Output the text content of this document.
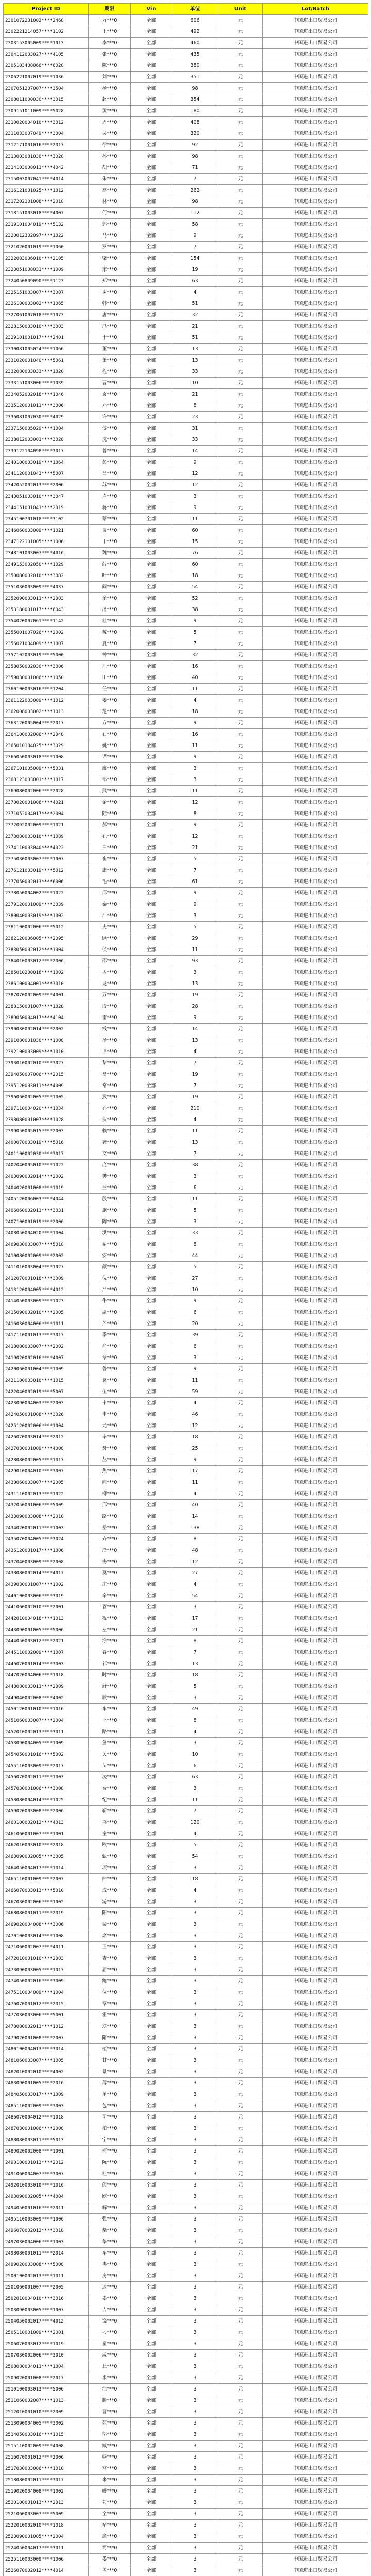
Project ID	期限	Vin	单位	Unit	Lot/Batch
2301072231002****2468	万***0	全部	606	元	中国进出口贸易公司
2302221214057****1102	王***0	全部	492	元	中国进出口贸易公司
2303153005009****1013	李***0	全部	460	元	中国进出口贸易公司
2304112003027****4105	张***0	全部	435	元	中国进出口贸易公司
2305103408066****6028	陈***0	全部	380	元	中国进出口贸易公司
2306221007019****1036	刘***0	全部	351	元	中国进出口贸易公司
2307051207007****3504	杨***0	全部	98	元	中国进出口贸易公司
2308011000030****3015	赵***0	全部	354	元	中国进出口贸易公司
2309151011009****5028	黄***0	全部	180	元	中国进出口贸易公司
2310020004010****3012	周***0	全部	408	元	中国进出口贸易公司
2311033007049****3004	吴***0	全部	320	元	中国进出口贸易公司
2312171001016****2017	徐***0	全部	92	元	中国进出口贸易公司
2313003081030****3028	孙***0	全部	98	元	中国进出口贸易公司
2314103008011****4042	胡***0	全部	71	元	中国进出口贸易公司
2315003007041****4014	朱***0	全部	7	元	中国进出口贸易公司
2316121001025****1012	高***0	全部	262	元	中国进出口贸易公司
2317202101008****2018	林***0	全部	98	元	中国进出口贸易公司
2318151003018****4007	何***0	全部	112	元	中国进出口贸易公司
2319101004019****5132	郭***0	全部	58	元	中国进出口贸易公司
2320012302097****1022	马***0	全部	9	元	中国进出口贸易公司
2321020001019****1060	罗***0	全部	7	元	中国进出口贸易公司
2322083006010****2105	梁***0	全部	154	元	中国进出口贸易公司
2323051008031****1009	宋***0	全部	19	元	中国进出口贸易公司
2324050809090****1123	郑***0	全部	63	元	中国进出口贸易公司
2325151003007****3007	谢***0	全部	4	元	中国进出口贸易公司
2326100003002****1065	韩***0	全部	51	元	中国进出口贸易公司
2327061007018****1073	唐***0	全部	32	元	中国进出口贸易公司
2328150003010****3003	冯***0	全部	21	元	中国进出口贸易公司
2329101001017****2401	于***0	全部	51	元	中国进出口贸易公司
2330081005024****1066	董***0	全部	13	元	中国进出口贸易公司
2331020001040****5061	萧***0	全部	13	元	中国进出口贸易公司
2332080003033****1020	程***0	全部	33	元	中国进出口贸易公司
2333151003006****1039	曹***0	全部	10	元	中国进出口贸易公司
2334052002018****1046	袁***0	全部	21	元	中国进出口贸易公司
2335120001011****3006	邓***0	全部	8	元	中国进出口贸易公司
2336081007030****4029	许***0	全部	23	元	中国进出口贸易公司
2337150005029****1004	傅***0	全部	31	元	中国进出口贸易公司
2338012003001****3028	沈***0	全部	33	元	中国进出口贸易公司
2339122104098****3017	曾***0	全部	14	元	中国进出口贸易公司
2340100003019****1064	彭***0	全部	9	元	中国进出口贸易公司
2341120001043****5007	吕***0	全部	12	元	中国进出口贸易公司
2342052002013****2006	苏***0	全部	12	元	中国进出口贸易公司
2343051003010****3047	卢***0	全部	3	元	中国进出口贸易公司
2344151001041****2019	蒋***0	全部	9	元	中国进出口贸易公司
2345100701018****3102	蔡***0	全部	11	元	中国进出口贸易公司
2346060003009****1021	贾***0	全部	60	元	中国进出口贸易公司
2347122101005****1006	丁***0	全部	15	元	中国进出口贸易公司
2348101003007****4016	魏***0	全部	76	元	中国进出口贸易公司
2349153002050****1029	薛***0	全部	60	元	中国进出口贸易公司
2350080002010****3082	叶***0	全部	18	元	中国进出口贸易公司
2351030003009****4037	阎***0	全部	54	元	中国进出口贸易公司
2352090003011****2003	余***0	全部	52	元	中国进出口贸易公司
2353180001017****6043	潘***0	全部	38	元	中国进出口贸易公司
2354020007061****1142	杜***0	全部	9	元	中国进出口贸易公司
2355001007026****2002	戴***0	全部	5	元	中国进出口贸易公司
2356021004009****1007	夏***0	全部	7	元	中国进出口贸易公司
2357102003019****5000	钟***0	全部	32	元	中国进出口贸易公司
2358050002030****3006	汪***0	全部	16	元	中国进出口贸易公司
2359030001006****1050	田***0	全部	40	元	中国进出口贸易公司
2360100003016****1204	任***0	全部	11	元	中国进出口贸易公司
2361122003009****1012	姜***0	全部	4	元	中国进出口贸易公司
2362008003002****1013	范***0	全部	18	元	中国进出口贸易公司
2363120005004****2017	方***0	全部	9	元	中国进出口贸易公司
2364100002006****2048	石***0	全部	16	元	中国进出口贸易公司
2365010104025****3029	姚***0	全部	11	元	中国进出口贸易公司
2366050003018****1008	谭***0	全部	9	元	中国进出口贸易公司
2367101005009****5031	廖***0	全部	3	元	中国进出口贸易公司
2368123003001****1017	邹***0	全部	3	元	中国进出口贸易公司
2369080002006****2028	熊***0	全部	11	元	中国进出口贸易公司
2370020001008****4021	金***0	全部	12	元	中国进出口贸易公司
2371052004017****2004	陆***0	全部	8	元	中国进出口贸易公司
2372092002009****1021	郝***0	全部	9	元	中国进出口贸易公司
2373080003010****1089	孔***0	全部	12	元	中国进出口贸易公司
2374110003040****4022	白***0	全部	21	元	中国进出口贸易公司
2375030003007****1007	崔***0	全部	5	元	中国进出口贸易公司
2376121003019****5012	康***0	全部	7	元	中国进出口贸易公司
2377050002013****6006	毛***0	全部	61	元	中国进出口贸易公司
2378050004002****1022	邱***0	全部	9	元	中国进出口贸易公司
2379120001009****3039	秦***0	全部	9	元	中国进出口贸易公司
2380040003019****1002	江***0	全部	3	元	中国进出口贸易公司
2381100002006****5012	史***0	全部	5	元	中国进出口贸易公司
2382120006005****2095	顾***0	全部	29	元	中国进出口贸易公司
2383050002012****1004	侯***0	全部	11	元	中国进出口贸易公司
2384010003012****2006	邵***0	全部	93	元	中国进出口贸易公司
2385010200018****1002	孟***0	全部	3	元	中国进出口贸易公司
2386100004001****3010	龙***0	全部	13	元	中国进出口贸易公司
2387070002009****4001	万***0	全部	19	元	中国进出口贸易公司
2388150001007****1028	段***0	全部	28	元	中国进出口贸易公司
2389050004017****4104	雷***0	全部	9	元	中国进出口贸易公司
2390030002014****2002	钱***0	全部	14	元	中国进出口贸易公司
2391080001030****1008	汤***0	全部	13	元	中国进出口贸易公司
2392100003009****1010	尹***0	全部	4	元	中国进出口贸易公司
2393010002010****3027	黎***0	全部	7	元	中国进出口贸易公司
2394050007006****2015	易***0	全部	19	元	中国进出口贸易公司
2395120003011****4009	常***0	全部	7	元	中国进出口贸易公司
2396060002005****1005	武***0	全部	19	元	中国进出口贸易公司
2397110004020****1034	乔***0	全部	210	元	中国进出口贸易公司
2398080001007****1028	贺***0	全部	4	元	中国进出口贸易公司
2399050005015****2003	赖***0	全部	11	元	中国进出口贸易公司
2400070003019****5016	龚***0	全部	13	元	中国进出口贸易公司
2401100002030****3017	文***0	全部	7	元	中国进出口贸易公司
2402040005010****1022	庞***0	全部	38	元	中国进出口贸易公司
2403090002014****2002	樊***0	全部	3	元	中国进出口贸易公司
2404020001008****1019	兰***0	全部	6	元	中国进出口贸易公司
2405120006003****4044	殷***0	全部	11	元	中国进出口贸易公司
2406060002011****3031	施***0	全部	5	元	中国进出口贸易公司
2407100001019****2006	陶***0	全部	3	元	中国进出口贸易公司
2408050004020****1004	洪***0	全部	33	元	中国进出口贸易公司
2409030003007****5018	翟***0	全部	8	元	中国进出口贸易公司
2410080002009****2002	安***0	全部	44	元	中国进出口贸易公司
2411010003004****1027	颜***0	全部	5	元	中国进出口贸易公司
2412070001018****3009	倪***0	全部	27	元	中国进出口贸易公司
2413120004005****4012	严***0	全部	10	元	中国进出口贸易公司
2414050003009****1023	牛***0	全部	9	元	中国进出口贸易公司
2415090002010****2005	温***0	全部	6	元	中国进出口贸易公司
2416030004006****1011	芦***0	全部	20	元	中国进出口贸易公司
2417110001013****3017	季***0	全部	39	元	中国进出口贸易公司
2418080003007****2002	俞***0	全部	6	元	中国进出口贸易公司
2419020002016****4007	章***0	全部	3	元	中国进出口贸易公司
2420060001004****1009	鲁***0	全部	9	元	中国进出口贸易公司
2421100003010****1015	葛***0	全部	11	元	中国进出口贸易公司
2422040002019****5007	伍***0	全部	59	元	中国进出口贸易公司
2423090004003****2003	韦***0	全部	4	元	中国进出口贸易公司
2424050001008****3026	申***0	全部	46	元	中国进出口贸易公司
2425120002006****1004	尤***0	全部	12	元	中国进出口贸易公司
2426070003014****2012	毕***0	全部	18	元	中国进出口贸易公司
2427030001009****4008	聂***0	全部	25	元	中国进出口贸易公司
2428080002005****1017	丛***0	全部	9	元	中国进出口贸易公司
2429010004010****3007	焦***0	全部	17	元	中国进出口贸易公司
2430060003007****2005	向***0	全部	11	元	中国进出口贸易公司
2431110002013****1022	柳***0	全部	4	元	中国进出口贸易公司
2432050001006****5009	邢***0	全部	40	元	中国进出口贸易公司
2433090003008****2010	路***0	全部	14	元	中国进出口贸易公司
2434020002011****1003	岳***0	全部	138	元	中国进出口贸易公司
2435070004005****3024	齐***0	全部	8	元	中国进出口贸易公司
2436120001017****1006	沿***0	全部	48	元	中国进出口贸易公司
2437040003009****2008	梅***0	全部	12	元	中国进出口贸易公司
2438080002014****4017	莫***0	全部	27	元	中国进出口贸易公司
2439030001007****1002	庄***0	全部	4	元	中国进出口贸易公司
2440100003006****3019	辛***0	全部	54	元	中国进出口贸易公司
2441060002010****2001	管***0	全部	3	元	中国进出口贸易公司
2442010004018****1013	祝***0	全部	17	元	中国进出口贸易公司
2443090001005****5006	左***0	全部	21	元	中国进出口贸易公司
2444050003012****2021	涂***0	全部	8	元	中国进出口贸易公司
2445110002009****1007	谷***0	全部	7	元	中国进出口贸易公司
2446070001014****3003	祁***0	全部	13	元	中国进出口贸易公司
2447020004006****1018	时***0	全部	18	元	中国进出口贸易公司
2448080003011****2009	舒***0	全部	5	元	中国进出口贸易公司
2449040002008****4002	耿***0	全部	3	元	中国进出口贸易公司
2450120001010****1016	牟***0	全部	49	元	中国进出口贸易公司
2451060003007****2004	卜***0	全部	8	元	中国进出口贸易公司
2452010002013****3011	路***0	全部	4	元	中国进出口贸易公司
2453090004005****1009	詹***0	全部	3	元	中国进出口贸易公司
2454050001016****5002	关***0	全部	10	元	中国进出口贸易公司
2455110003009****2017	苗***0	全部	6	元	中国进出口贸易公司
2456070002011****1003	凌***0	全部	63	元	中国进出口贸易公司
2457030001006****3008	费***0	全部	3	元	中国进出口贸易公司
2458080004014****1025	纪***0	全部	11	元	中国进出口贸易公司
2459020003008****2006	靳***0	全部	7	元	中国进出口贸易公司
2460100002012****4013	盛***0	全部	120	元	中国进出口贸易公司
2461060001007****1001	童***0	全部	4	元	中国进出口贸易公司
2462010003010****2018	欧***0	全部	5	元	中国进出口贸易公司
2463090002005****3005	甄***0	全部	54	元	中国进出口贸易公司
2464050004017****1014	项***0	全部	3	元	中国进出口贸易公司
2465110001009****2007	曲***0	全部	18	元	中国进出口贸易公司
2466070003013****5010	成***0	全部	4	元	中国进出口贸易公司
2467030002006****1002	游***0	全部	3	元	中国进出口贸易公司
2468080001011****2019	阳***0	全部	3	元	中国进出口贸易公司
2469020004008****3006	裴***0	全部	3	元	中国进出口贸易公司
2470100003014****1008	席***0	全部	3	元	中国进出口贸易公司
2471060002007****4011	卫***0	全部	3	元	中国进出口贸易公司
2472010001010****2003	查***0	全部	3	元	中国进出口贸易公司
2473090003005****1017	屈***0	全部	3	元	中国进出口贸易公司
2474050002016****3009	鲍***0	全部	3	元	中国进出口贸易公司
2475110004009****1004	位***0	全部	3	元	中国进出口贸易公司
2476070001012****2015	覃***0	全部	3	元	中国进出口贸易公司
2477030003006****5001	霍***0	全部	3	元	中国进出口贸易公司
2478080002011****1012	翁***0	全部	3	元	中国进出口贸易公司
2479020001008****2007	隋***0	全部	3	元	中国进出口贸易公司
2480100004013****3014	植***0	全部	3	元	中国进出口贸易公司
2481060003007****1005	甘***0	全部	3	元	中国进出口贸易公司
2482010002010****4002	景***0	全部	3	元	中国进出口贸易公司
2483090001005****2016	薄***0	全部	3	元	中国进出口贸易公司
2484050003017****1009	单***0	全部	3	元	中国进出口贸易公司
2485110002009****3003	包***0	全部	3	元	中国进出口贸易公司
2486070004012****1018	司***0	全部	3	元	中国进出口贸易公司
2487030001006****2008	柏***0	全部	3	元	中国进出口贸易公司
2488080003011****5013	宁***0	全部	3	元	中国进出口贸易公司
2489020002008****1001	柯***0	全部	3	元	中国进出口贸易公司
2490100001013****2012	阮***0	全部	3	元	中国进出口贸易公司
2491060004007****3007	桂***0	全部	3	元	中国进出口贸易公司
2492010003010****1016	闵***0	全部	3	元	中国进出口贸易公司
2493090002005****4004	欧***0	全部	3	元	中国进出口贸易公司
2494050001016****2011	解***0	全部	3	元	中国进出口贸易公司
2495110003009****1006	强***0	全部	3	元	中国进出口贸易公司
2496070002012****3018	柴***0	全部	3	元	中国进出口贸易公司
2497030004006****1003	华***0	全部	3	元	中国进出口贸易公司
2498080001011****2014	车***0	全部	3	元	中国进出口贸易公司
2499020003008****5008	冉***0	全部	3	元	中国进出口贸易公司
2500100002013****1011	房***0	全部	3	元	中国进出口贸易公司
2501060001007****2005	边***0	全部	3	元	中国进出口贸易公司
2502010004010****3016	辜***0	全部	3	元	中国进出口贸易公司
2503090003005****1007	吉***0	全部	3	元	中国进出口贸易公司
2504050002017****4012	饶***0	全部	3	元	中国进出口贸易公司
2505110001009****2001	刁***0	全部	3	元	中国进出口贸易公司
2506070003012****1019	瞿***0	全部	3	元	中国进出口贸易公司
2507030002006****3010	戚***0	全部	3	元	中国进出口贸易公司
2508080004011****1004	丘***0	全部	3	元	中国进出口贸易公司
2509020001008****2017	米***0	全部	3	元	中国进出口贸易公司
2510100003013****5006	池***0	全部	3	元	中国进出口贸易公司
2511060002007****1013	滕***0	全部	3	元	中国进出口贸易公司
2512010001010****2009	晋***0	全部	3	元	中国进出口贸易公司
2513090004005****3002	苑***0	全部	3	元	中国进出口贸易公司
2514050003016****1015	邬***0	全部	3	元	中国进出口贸易公司
2515110002009****4008	臧***0	全部	3	元	中国进出口贸易公司
2516070001012****2006	畅***0	全部	3	元	中国进出口贸易公司
2517030003006****1010	宫***0	全部	3	元	中国进出口贸易公司
2518080002011****3017	来***0	全部	3	元	中国进出口贸易公司
2519020004008****1002	嵺***0	全部	3	元	中国进出口贸易公司
2520100001013****2013	苟***0	全部	3	元	中国进出口贸易公司
2521060003007****5009	全***0	全部	3	元	中国进出口贸易公司
2522010002010****1018	褚***0	全部	3	元	中国进出口贸易公司
2523090001005****2004	廉***0	全部	3	元	中国进出口贸易公司
2524050004017****3011	简***0	全部	3	元	中国进出口贸易公司
2525110003009****1006	娄***0	全部	3	元	中国进出口贸易公司
2526070002012****4014	盖***0	全部	3	元	中国进出口贸易公司
